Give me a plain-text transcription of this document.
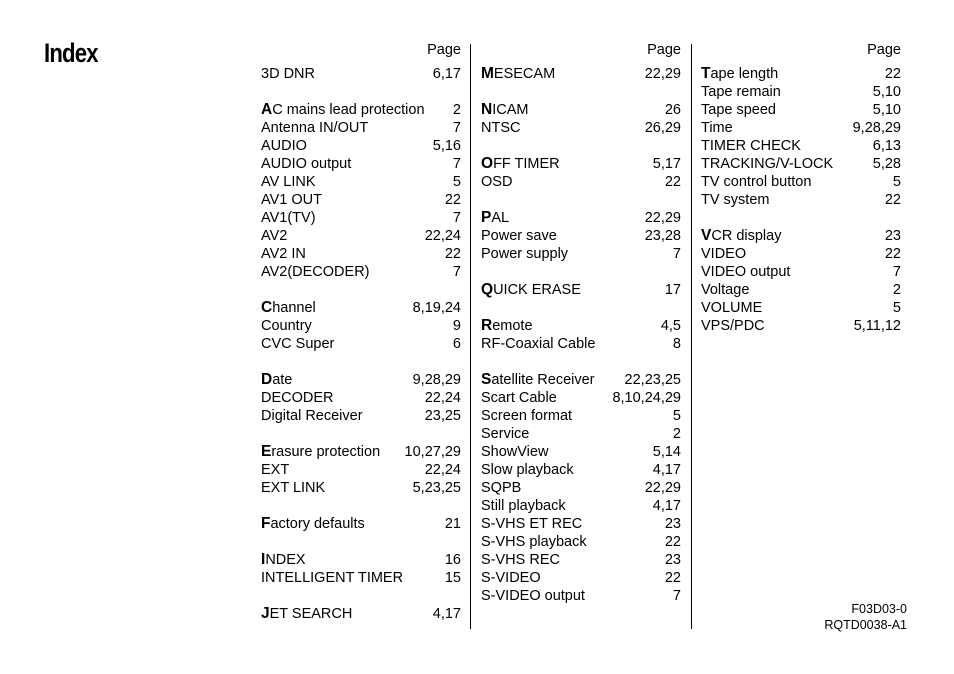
Index	Page
3D DNR	6,17
AC mains lead protection 2
Antenna IN/OUT	7
AUDIO	5,16
AUDIO output	7
AV LINK	5
AV1 OUT	22
AV1(TV)	7
AV2	22,24
AV2 IN	22
AV2(DECODER)	7
Channel	8,19,24
Country	9
CVC Super	6
Date	9,28,29
DECODER	22,24
Digital Receiver	23,25
Erasure protection 10,27,29
EXT	22,24
EXT LINK	5,23,25
Factory defaults	21
INDEX	16
INTELLIGENT TIMER	15
JET SEARCH	4,17
Page
MESECAM	22,29
NICAM	26
NTSC	26,29
OFF TIMER	5,17
OSD	22
PAL	22,29
Power save	23,28
Power supply	7
QUICK ERASE	17
Remote	4,5
RF-Coaxial Cable	8
Satellite Receiver 22,23,25
Scart Cable	8,10,24,29
Screen format	5
Service	2
ShowView	5,14
Slow playback	4,17
SQPB	22,29
Still playback	4,17
S-VHS ET REC	23
S-VHS playback	22
S-VHS REC	23
S-VIDEO	22
S-VIDEO output	7
Page
Tape length	22
Tape remain	5,10
Tape speed	5,10
Time	9,28,29
TIMER CHECK	6,13
TRACKING/V-LOCK	5,28
TV control button	5
TV system	22
VCR display	23
VIDEO	22
VIDEO output	7
Voltage	2
VOLUME	5
VPS/PDC	5,11,12
F03D03-0
RQTD0038-A1
